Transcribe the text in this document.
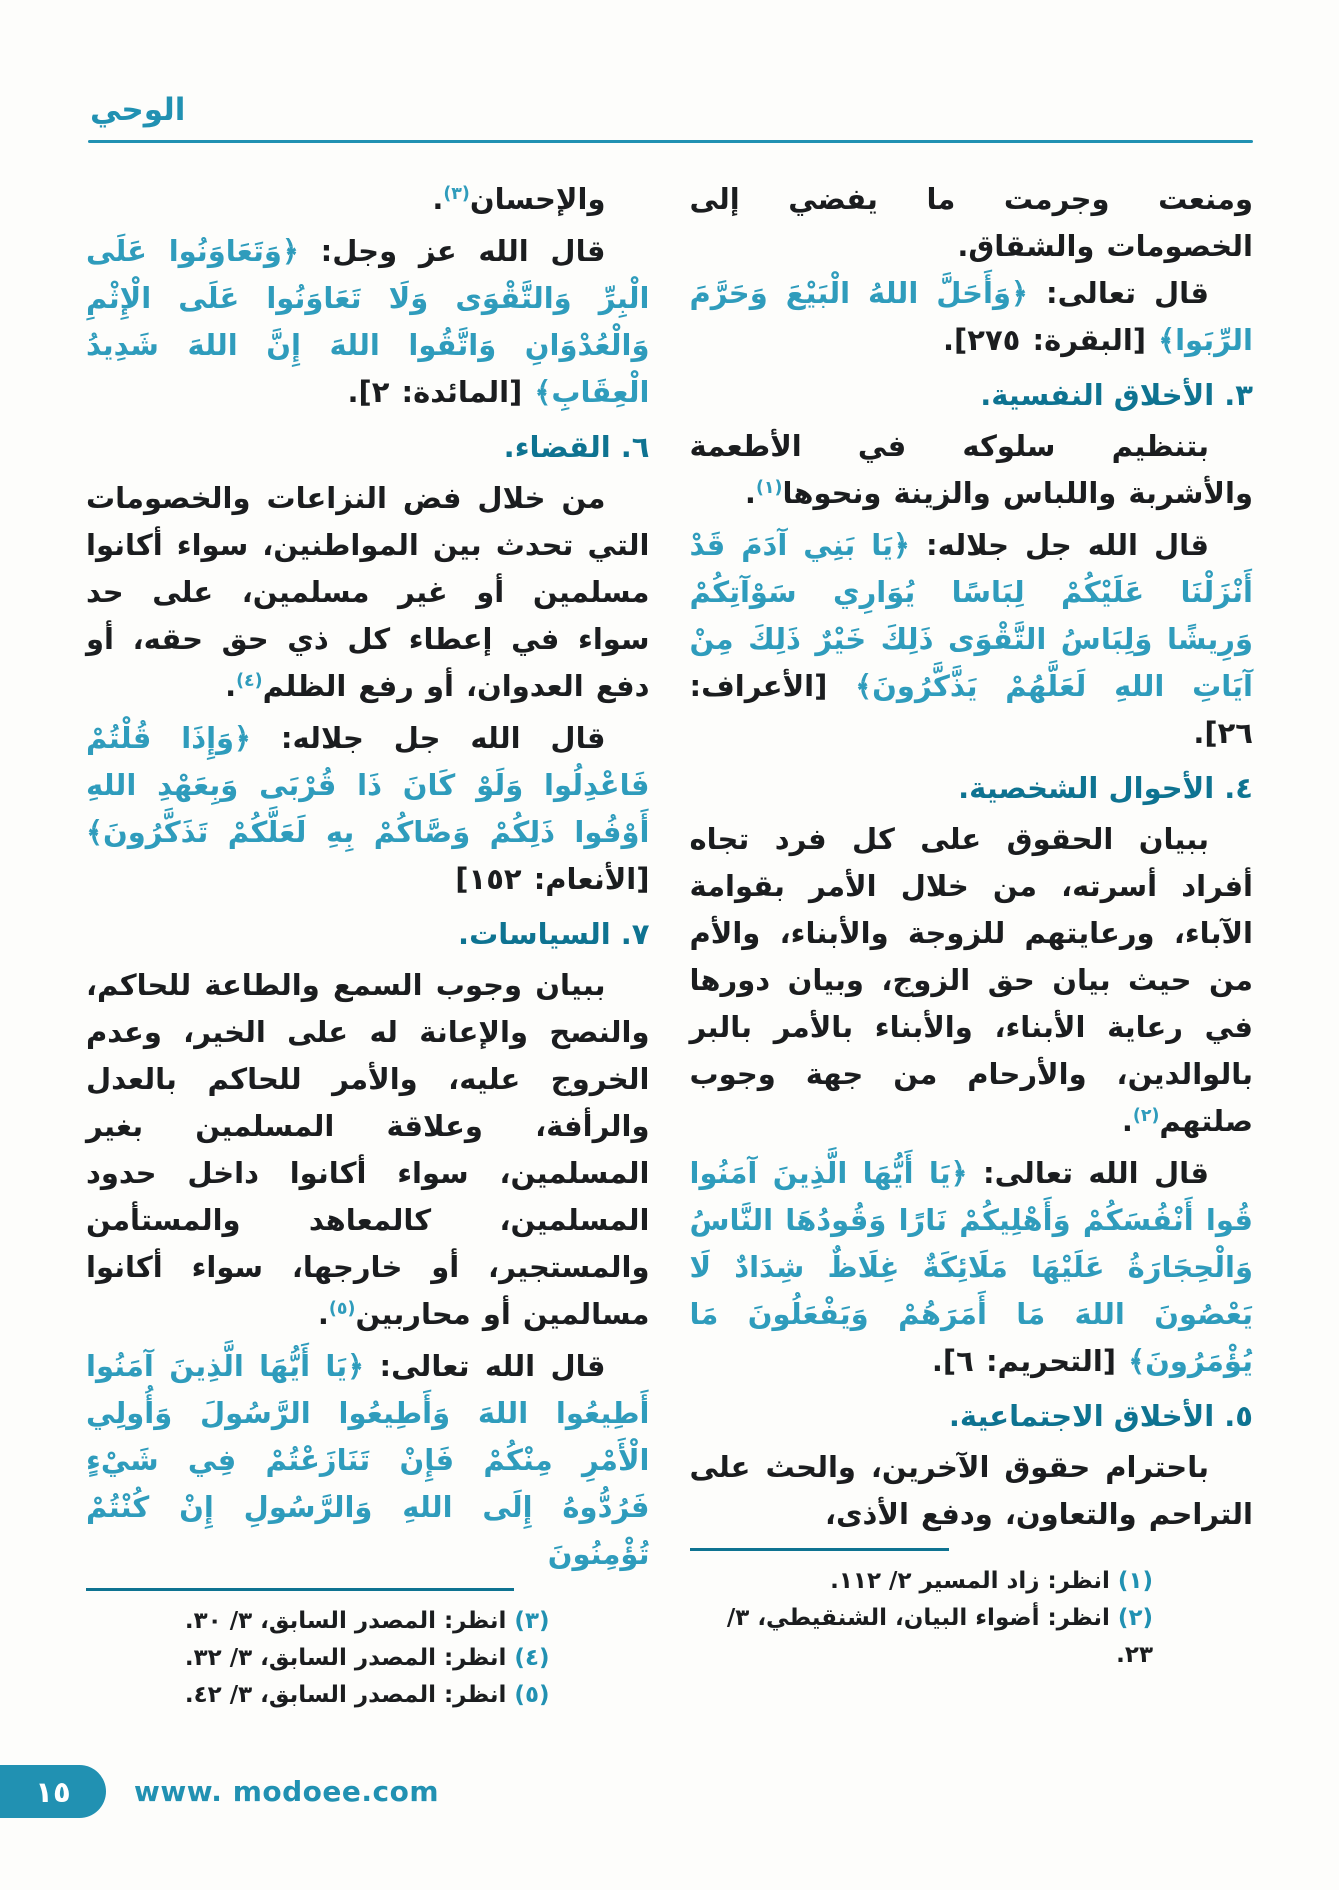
الوحي

ومنعت وجرمت ما يفضي إلى الخصومات والشقاق.

قال تعالى: ﴿وَأَحَلَّ اللهُ الْبَيْعَ وَحَرَّمَ الرِّبَوا﴾ [البقرة: ٢٧٥].

٣. الأخلاق النفسية.

بتنظيم سلوكه في الأطعمة والأشربة واللباس والزينة ونحوها$^{(١)}$.

قال الله جل جلاله: ﴿يَا بَنِي آدَمَ قَدْ أَنْزَلْنَا عَلَيْكُمْ لِبَاسًا يُوَارِي سَوْآتِكُمْ وَرِيشًا وَلِبَاسُ التَّقْوَى ذَلِكَ خَيْرٌ ذَلِكَ مِنْ آيَاتِ اللهِ لَعَلَّهُمْ يَذَّكَّرُونَ﴾ [الأعراف: ٢٦].

٤. الأحوال الشخصية.

ببيان الحقوق على كل فرد تجاه أفراد أسرته، من خلال الأمر بقوامة الآباء، ورعايتهم للزوجة والأبناء، والأم من حيث بيان حق الزوج، وبيان دورها في رعاية الأبناء، والأبناء بالأمر بالبر بالوالدين، والأرحام من جهة وجوب صلتهم$^{(٢)}$.

قال الله تعالى: ﴿يَا أَيُّهَا الَّذِينَ آمَنُوا قُوا أَنْفُسَكُمْ وَأَهْلِيكُمْ نَارًا وَقُودُهَا النَّاسُ وَالْحِجَارَةُ عَلَيْهَا مَلَائِكَةٌ غِلَاظٌ شِدَادٌ لَا يَعْصُونَ اللهَ مَا أَمَرَهُمْ وَيَفْعَلُونَ مَا يُؤْمَرُونَ﴾ [التحريم: ٦].

٥. الأخلاق الاجتماعية.

باحترام حقوق الآخرين، والحث على التراحم والتعاون، ودفع الأذى،

(١) انظر: زاد المسير ٢/ ١١٢.
(٢) انظر: أضواء البيان، الشنقيطي، ٣/ ٢٣.

والإحسان$^{(٣)}$.

قال الله عز وجل: ﴿وَتَعَاوَنُوا عَلَى الْبِرِّ وَالتَّقْوَى وَلَا تَعَاوَنُوا عَلَى الْإِثْمِ وَالْعُدْوَانِ وَاتَّقُوا اللهَ إِنَّ اللهَ شَدِيدُ الْعِقَابِ﴾ [المائدة: ٢].

٦. القضاء.

من خلال فض النزاعات والخصومات التي تحدث بين المواطنين، سواء أكانوا مسلمين أو غير مسلمين، على حد سواء في إعطاء كل ذي حق حقه، أو دفع العدوان، أو رفع الظلم$^{(٤)}$.

قال الله جل جلاله: ﴿وَإِذَا قُلْتُمْ فَاعْدِلُوا وَلَوْ كَانَ ذَا قُرْبَى وَبِعَهْدِ اللهِ أَوْفُوا ذَلِكُمْ وَصَّاكُمْ بِهِ لَعَلَّكُمْ تَذَكَّرُونَ﴾ [الأنعام: ١٥٢]

٧. السياسات.

ببيان وجوب السمع والطاعة للحاكم، والنصح والإعانة له على الخير، وعدم الخروج عليه، والأمر للحاكم بالعدل والرأفة، وعلاقة المسلمين بغير المسلمين، سواء أكانوا داخل حدود المسلمين، كالمعاهد والمستأمن والمستجير، أو خارجها، سواء أكانوا مسالمين أو محاربين$^{(٥)}$.

قال الله تعالى: ﴿يَا أَيُّهَا الَّذِينَ آمَنُوا أَطِيعُوا اللهَ وَأَطِيعُوا الرَّسُولَ وَأُولِي الْأَمْرِ مِنْكُمْ فَإِنْ تَنَازَعْتُمْ فِي شَيْءٍ فَرُدُّوهُ إِلَى اللهِ وَالرَّسُولِ إِنْ كُنْتُمْ تُؤْمِنُونَ

(٣) انظر: المصدر السابق، ٣/ ٣٠.
(٤) انظر: المصدر السابق، ٣/ ٣٢.
(٥) انظر: المصدر السابق، ٣/ ٤٢.
١٥ www. modoee.com
